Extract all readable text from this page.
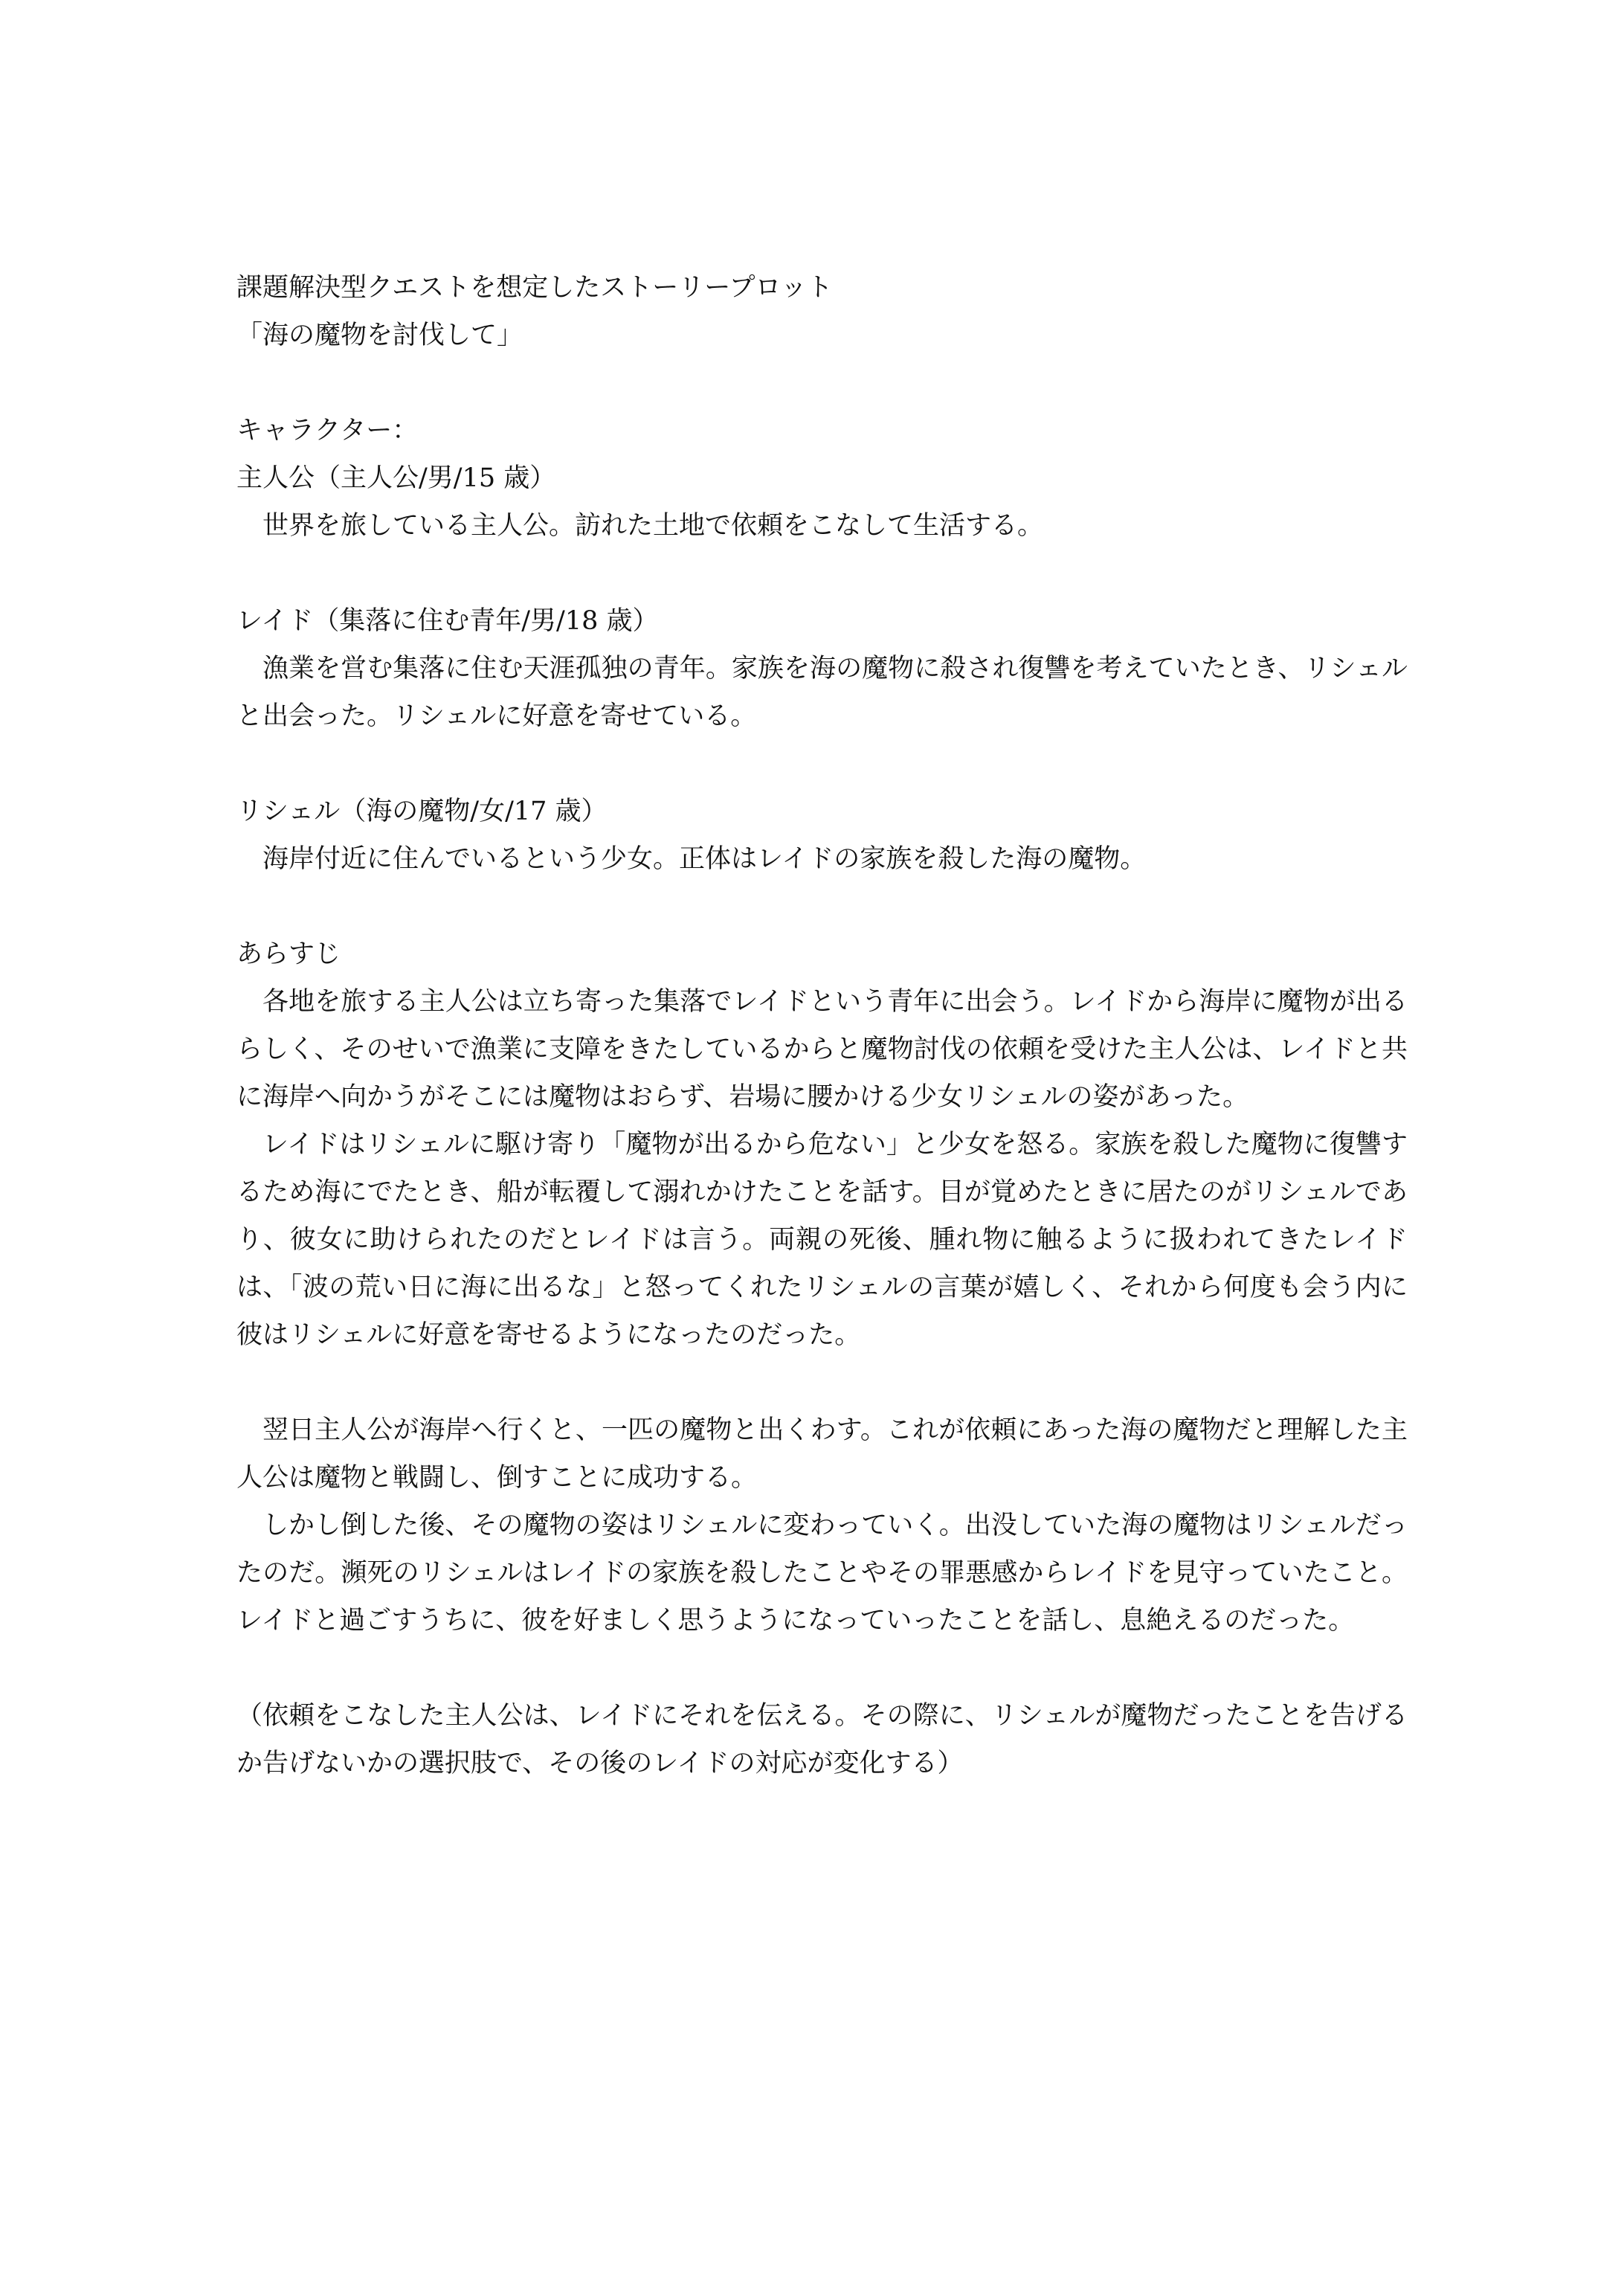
課題解決型クエストを想定したストーリープロット
「海の魔物を討伐して」
キャラクター：
主人公（主人公/男/15 歳）

世界を旅している主人公。訪れた土地で依頼をこなして生活する。

レイド（集落に住む青年/男/18 歳）

漁業を営む集落に住む天涯孤独の青年。家族を海の魔物に殺され復讐を考えていたとき、リシェルと出会った。リシェルに好意を寄せている。

リシェル（海の魔物/女/17 歳）

海岸付近に住んでいるという少女。正体はレイドの家族を殺した海の魔物。

あらすじ

各地を旅する主人公は立ち寄った集落でレイドという青年に出会う。レイドから海岸に魔物が出るらしく、そのせいで漁業に支障をきたしているからと魔物討伐の依頼を受けた主人公は、レイドと共に海岸へ向かうがそこには魔物はおらず、岩場に腰かける少女リシェルの姿があった。

レイドはリシェルに駆け寄り「魔物が出るから危ない」と少女を怒る。家族を殺した魔物に復讐するため海にでたとき、船が転覆して溺れかけたことを話す。目が覚めたときに居たのがリシェルであり、彼女に助けられたのだとレイドは言う。両親の死後、腫れ物に触るように扱われてきたレイドは、「波の荒い日に海に出るな」と怒ってくれたリシェルの言葉が嬉しく、それから何度も会う内に彼はリシェルに好意を寄せるようになったのだった。

翌日主人公が海岸へ行くと、一匹の魔物と出くわす。これが依頼にあった海の魔物だと理解した主人公は魔物と戦闘し、倒すことに成功する。

しかし倒した後、その魔物の姿はリシェルに変わっていく。出没していた海の魔物はリシェルだったのだ。瀕死のリシェルはレイドの家族を殺したことやその罪悪感からレイドを見守っていたこと。レイドと過ごすうちに、彼を好ましく思うようになっていったことを話し、息絶えるのだった。

（依頼をこなした主人公は、レイドにそれを伝える。その際に、リシェルが魔物だったことを告げるか告げないかの選択肢で、その後のレイドの対応が変化する）
